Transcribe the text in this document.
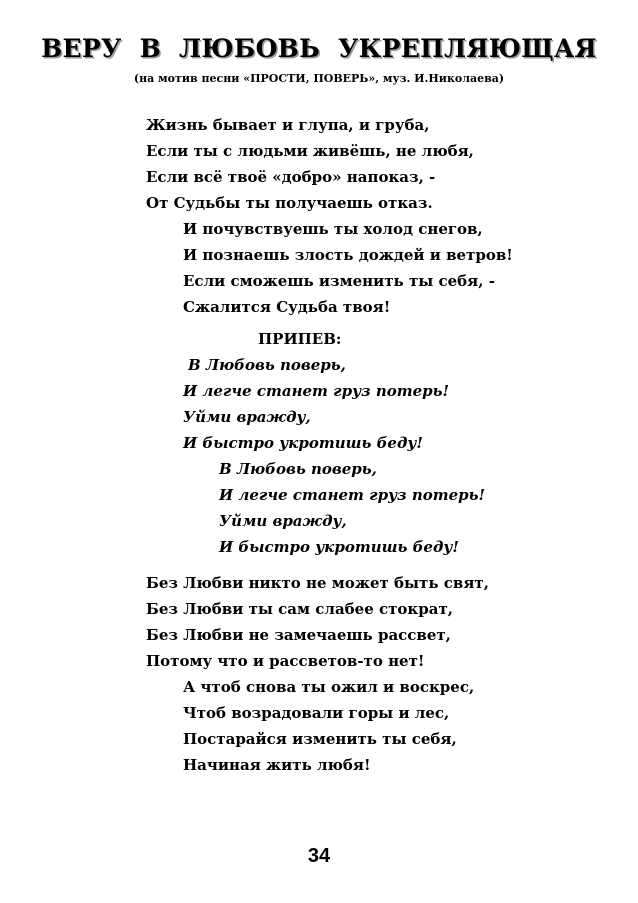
ВЕРУ  В  ЛЮБОВЬ  УКРЕПЛЯЮЩАЯ
(на мотив песни «ПРОСТИ, ПОВЕРЬ», муз. И.Николаева)
Жизнь бывает и глупа, и груба,
Если ты с людьми живёшь, не любя,
Если всё твоё «добро» напоказ, -
От Судьбы ты получаешь отказ.
И почувствуешь ты холод снегов,
И познаешь злость дождей и ветров!
Если сможешь изменить ты себя, -
Сжалится Судьба твоя!
ПРИПЕВ:
В Любовь поверь,
И легче станет груз потерь!
Уйми вражду,
И быстро укротишь беду!
В Любовь поверь,
И легче станет груз потерь!
Уйми вражду,
И быстро укротишь беду!
Без Любви никто не может быть свят,
Без Любви ты сам слабее стократ,
Без Любви не замечаешь рассвет,
Потому что и рассветов-то нет!
А чтоб снова ты ожил и воскрес,
Чтоб возрадовали горы и лес,
Постарайся изменить ты себя,
Начиная жить любя!
34
